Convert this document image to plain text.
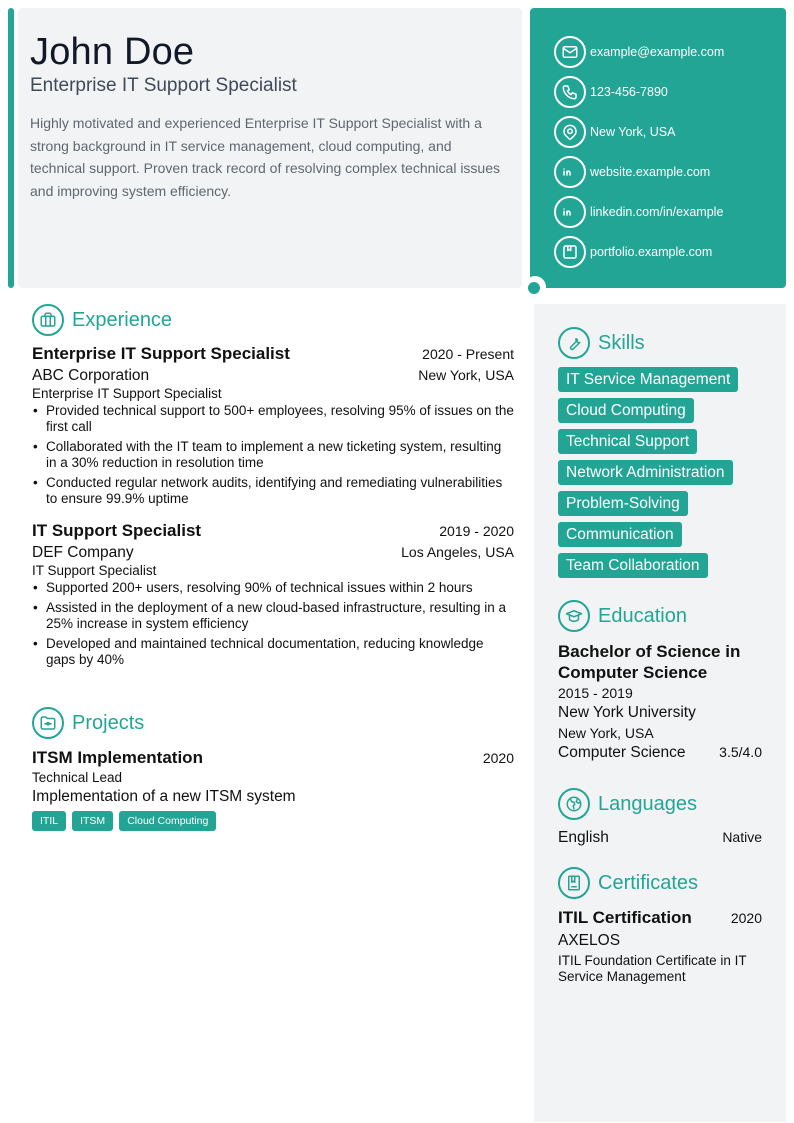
John Doe
Enterprise IT Support Specialist
Highly motivated and experienced Enterprise IT Support Specialist with a strong background in IT service management, cloud computing, and technical support. Proven track record of resolving complex technical issues and improving system efficiency.
example@example.com
123-456-7890
New York, USA
website.example.com
linkedin.com/in/example
portfolio.example.com
Experience
Enterprise IT Support Specialist	2020 - Present
ABC Corporation	New York, USA
Enterprise IT Support Specialist
• Provided technical support to 500+ employees, resolving 95% of issues on the first call
• Collaborated with the IT team to implement a new ticketing system, resulting in a 30% reduction in resolution time
• Conducted regular network audits, identifying and remediating vulnerabilities to ensure 99.9% uptime
IT Support Specialist	2019 - 2020
DEF Company	Los Angeles, USA
IT Support Specialist
• Supported 200+ users, resolving 90% of technical issues within 2 hours
• Assisted in the deployment of a new cloud-based infrastructure, resulting in a 25% increase in system efficiency
• Developed and maintained technical documentation, reducing knowledge gaps by 40%
Projects
ITSM Implementation	2020
Technical Lead
Implementation of a new ITSM system
ITIL ITSM Cloud Computing
Skills
IT Service Management
Cloud Computing
Technical Support
Network Administration
Problem-Solving
Communication
Team Collaboration
Education
Bachelor of Science in Computer Science
2015 - 2019
New York University
New York, USA
Computer Science 3.5/4.0
Languages
English	Native
Certificates
ITIL Certification	2020
AXELOS
ITIL Foundation Certificate in IT Service Management
